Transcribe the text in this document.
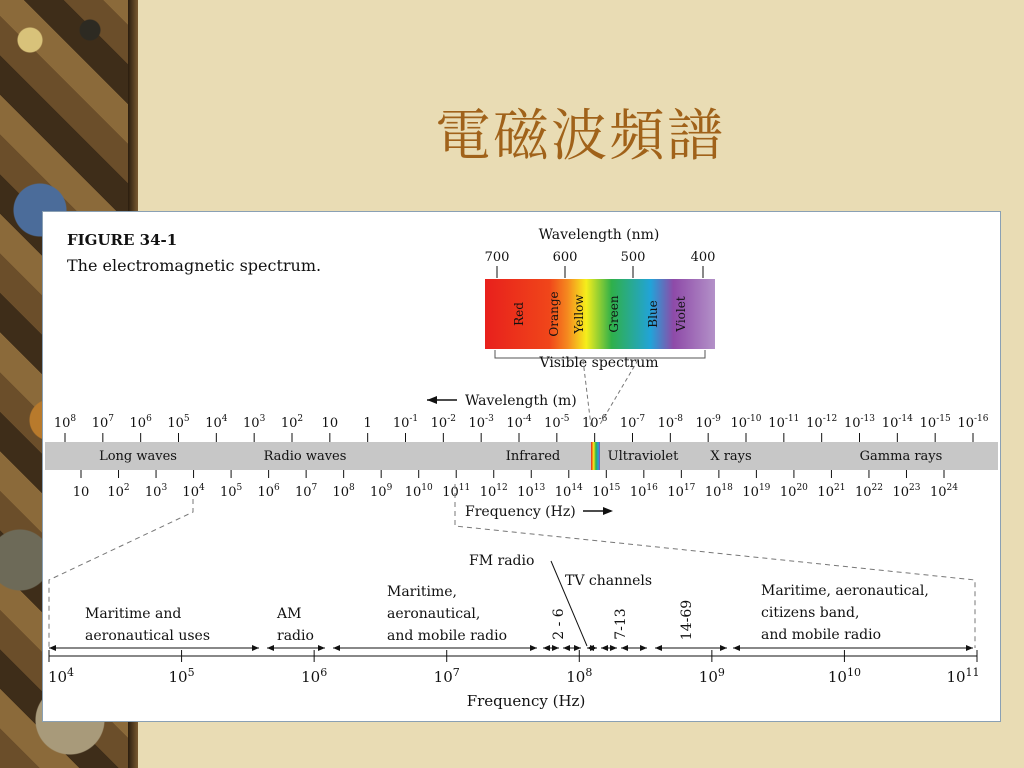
電磁波頻譜
FIGURE 34-1
The electromagnetic spectrum.
Wavelength (nm)
700	600	500	400
Red Orange Yellow Green Blue Violet
Visible spectrum
Wavelength (m)
$10^8$ $10^7$ $10^6$ $10^5$ $10^4$ $10^3$ $10^2$ 10 1 $10^{-1}$ $10^{-2}$ $10^{-3}$ $10^{-4}$ $10^{-5}$ $10^{-6}$ $10^{-7}$ $10^{-8}$ $10^{-9}$ $10^{-10}$ $10^{-11}$ $10^{-12}$ $10^{-13}$ $10^{-14}$ $10^{-15}$ $10^{-16}$
Long waves	Radio waves	Infrared	Ultraviolet X rays	Gamma rays
10 $10^2$ $10^3$ $10^4$ $10^5$ $10^6$ $10^7$ $10^8$ $10^9$ $10^{10}$ $10^{11}$ $10^{12}$ $10^{13}$ $10^{14}$ $10^{15}$ $10^{16}$ $10^{17}$ $10^{18}$ $10^{19}$ $10^{20}$ $10^{21}$ $10^{22}$ $10^{23}$ $10^{24}$
Frequency (Hz)
FM radio
TV channels
2 - 6	7-13	14-69
Maritime and aeronautical uses
AM radio
Maritime, aeronautical, and mobile radio
Maritime, aeronautical, citizens band, and mobile radio
$10^4$	$10^5$	$10^6$	$10^7$	$10^8$	$10^9$	$10^{10}$	$10^{11}$
Frequency (Hz)
